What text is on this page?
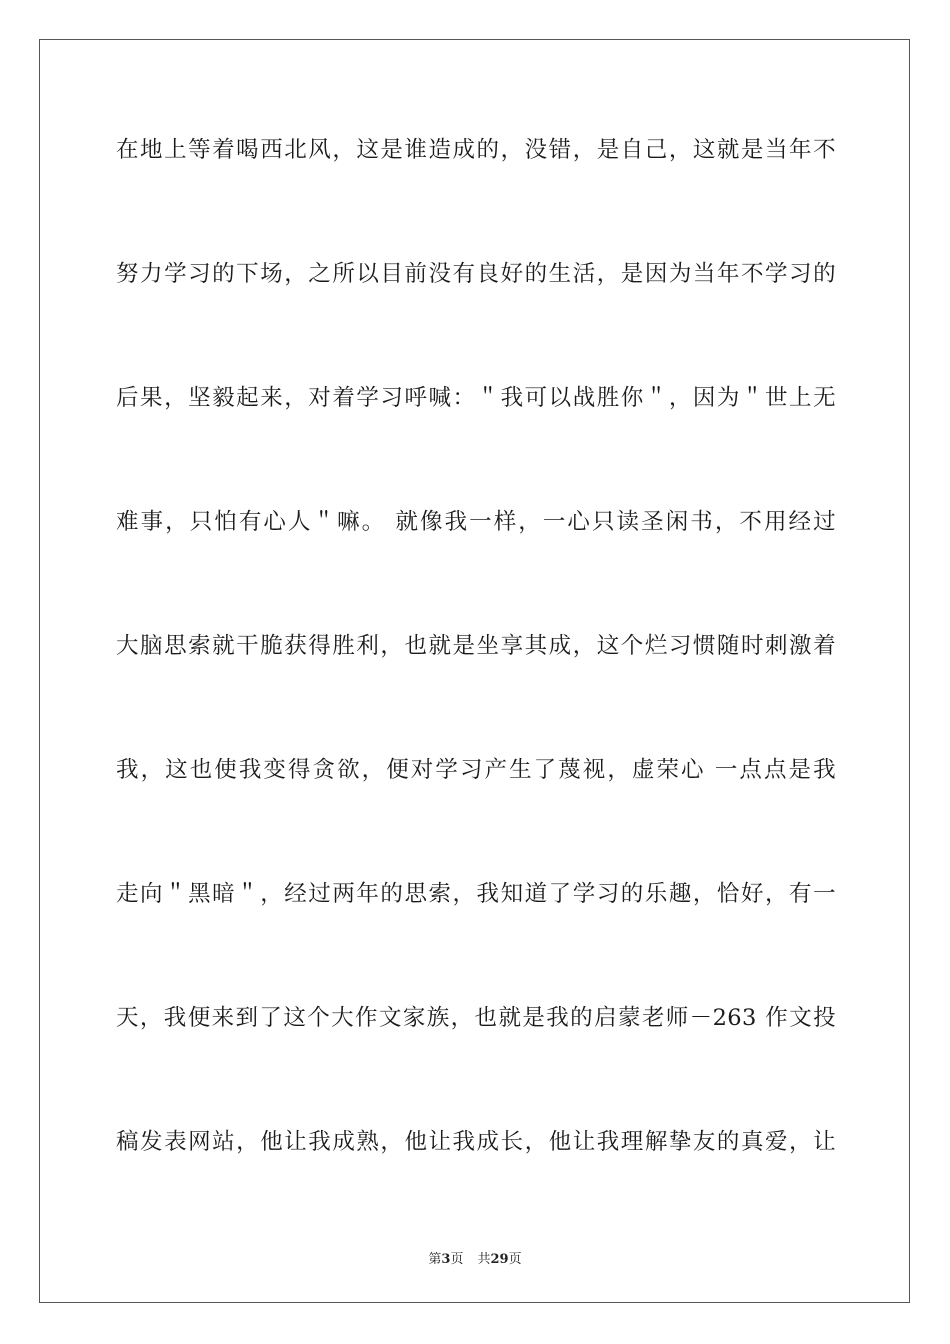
在地上等着喝西北风，这是谁造成的，没错，是自己，这就是当年不
努力学习的下场，之所以目前没有良好的生活，是因为当年不学习的
后果，坚毅起来，对着学习呼喊：＂我可以战胜你＂，因为＂世上无
难事，只怕有心人＂嘛。 就像我一样，一心只读圣闲书，不用经过
大脑思索就干脆获得胜利，也就是坐享其成，这个烂习惯随时刺激着
我，这也使我变得贪欲，便对学习产生了蔑视，虚荣心 一点点是我
走向＂黑暗＂，经过两年的思索，我知道了学习的乐趣，恰好，有一
天，我便来到了这个大作文家族，也就是我的启蒙老师－263 作文投
稿发表网站，他让我成熟，他让我成长，他让我理解挚友的真爱，让
第3页 共29页
